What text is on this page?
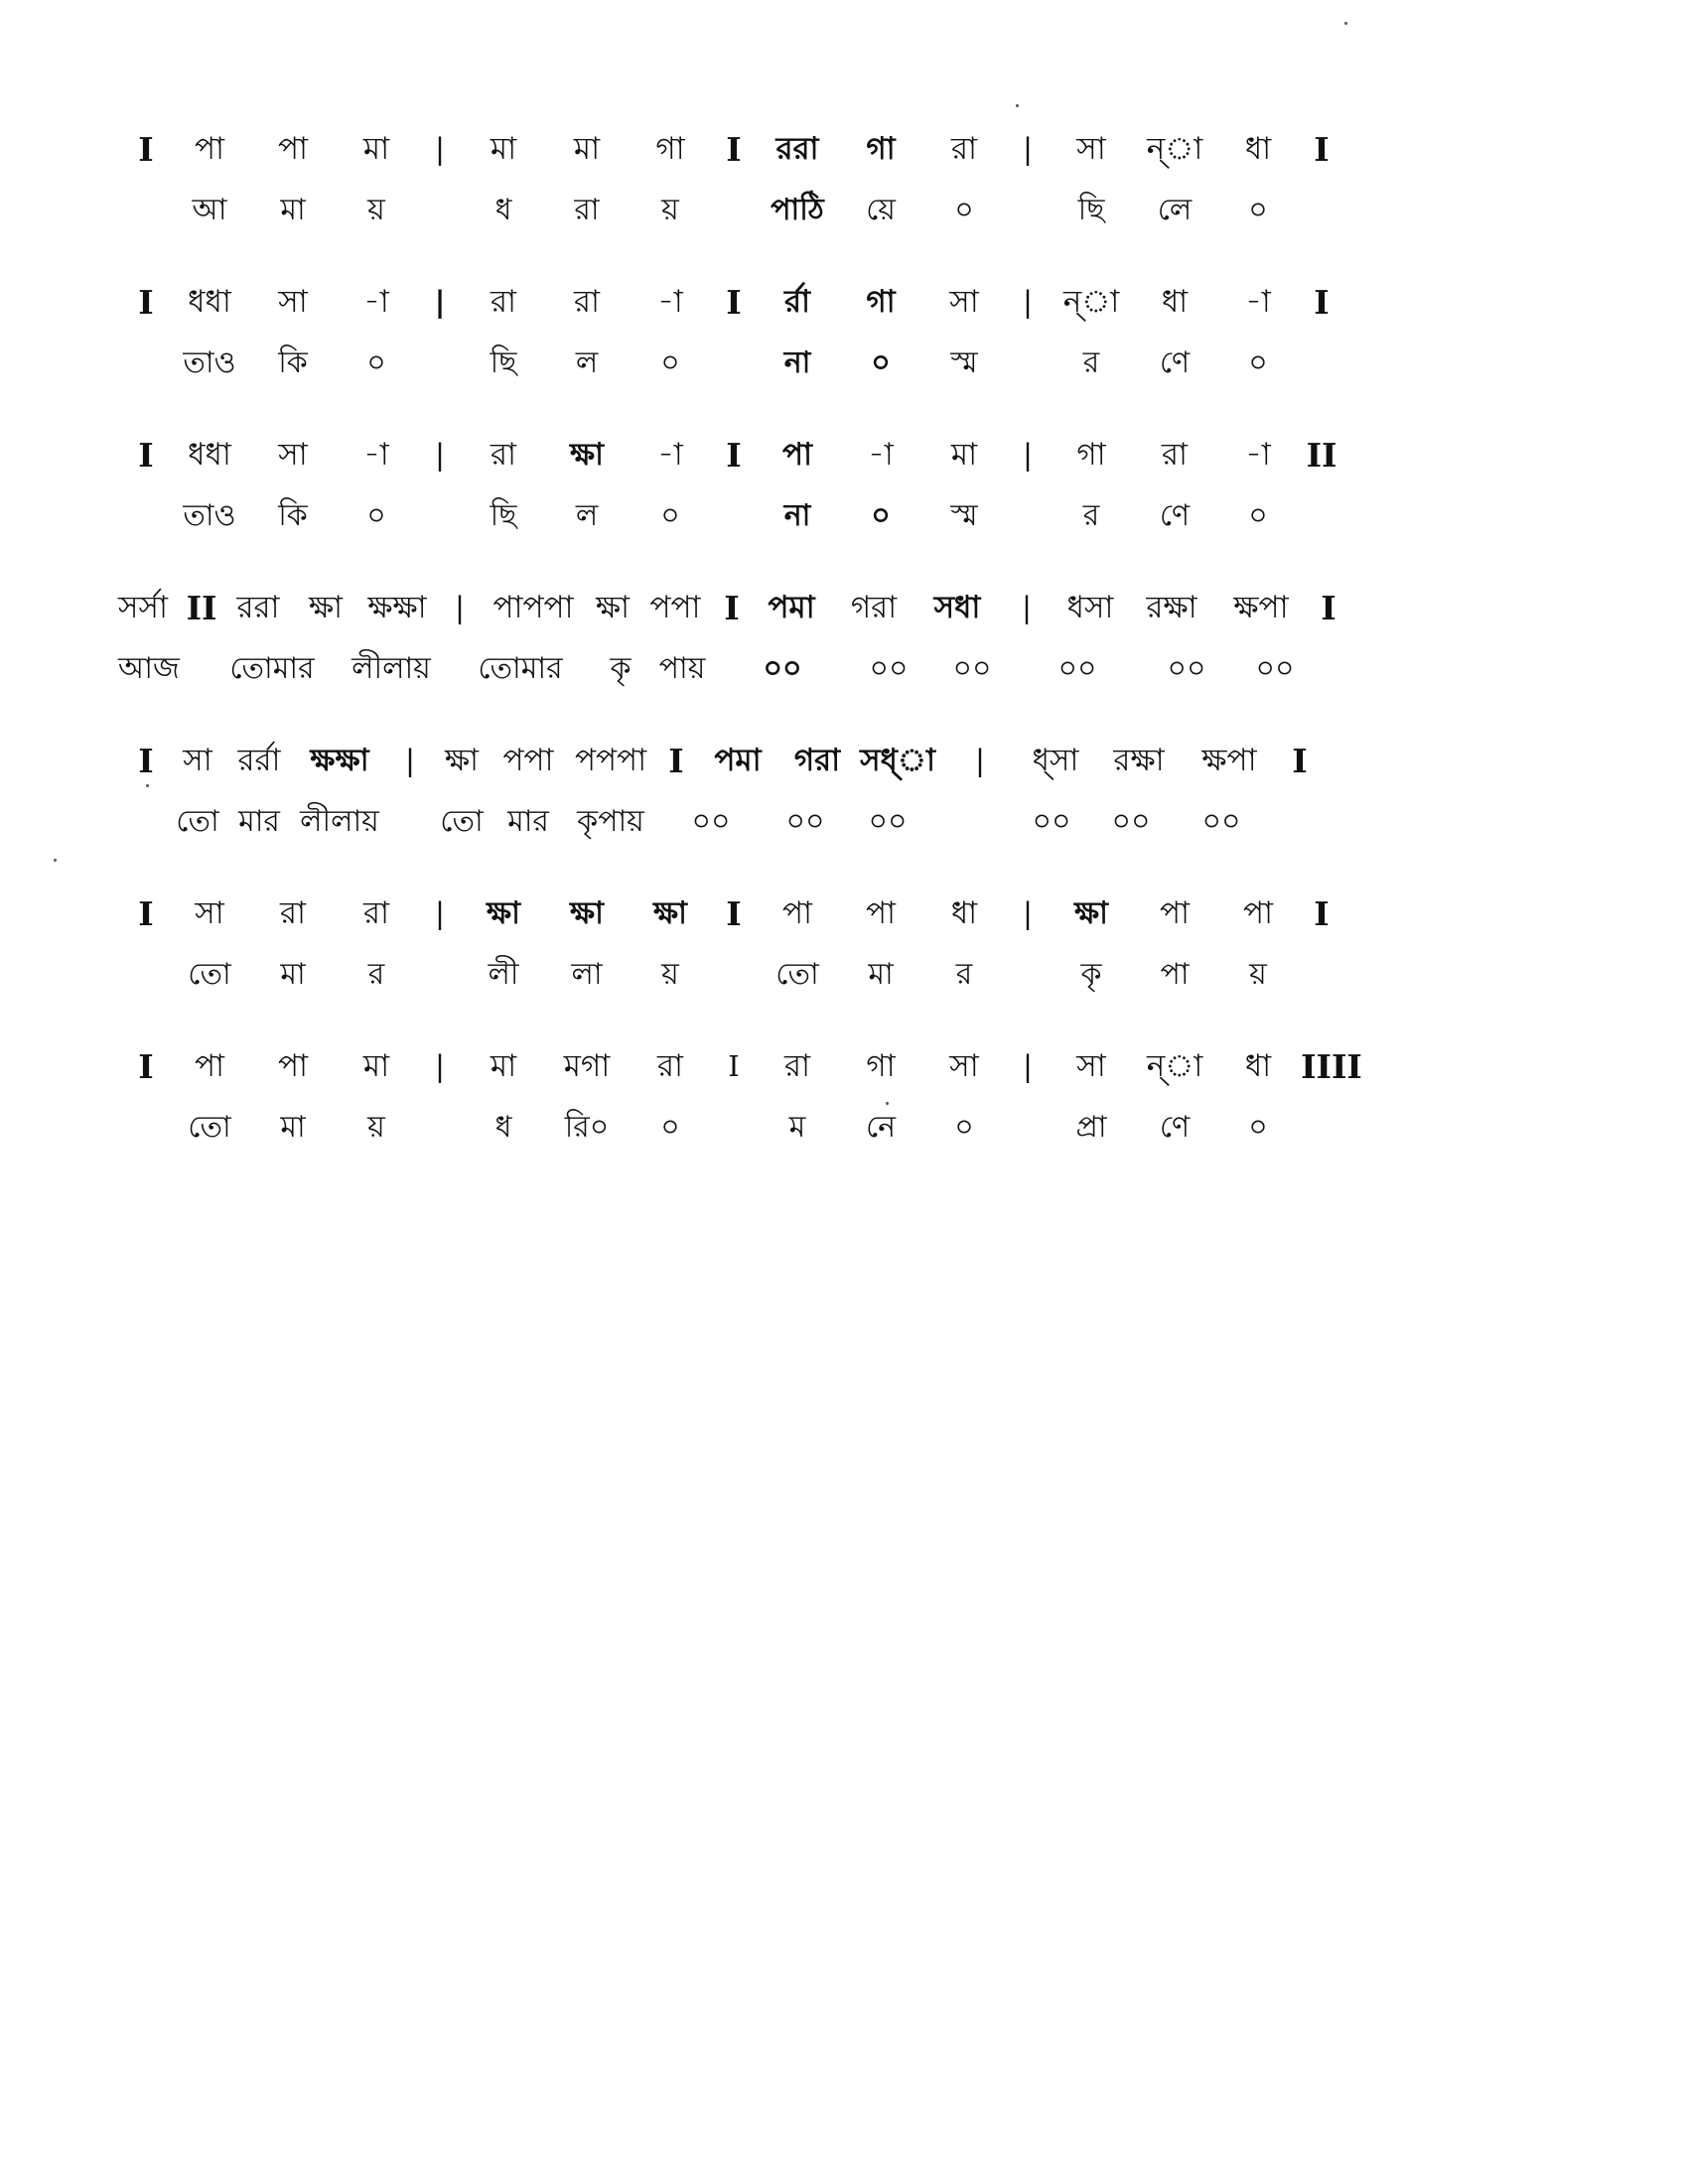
I	পা	পা	মা	|	মা	মা	গা	I	ররা	গা	রা	|	সা	ন্‌া	ধা	I
আ	মা	য়	ধ	রা	য়	পাঠি	য়ে	০	ছি	লে	০
I	ধধা	সা	-া	|	রা	রা	-া	I	র্রা	গা	সা	| ন্‌া	ধা	-া	I
তাও	কি	০	ছি	ল	০	না	০	স্ম	র	ণে	০
I	ধধা	সা	-া	|	রা	ক্ষা	-া	I	পা	-া	মা	|	গা	রা	-া	II
তাও	কি	০	ছি	ল	০	না	০	স্ম	র	ণে	০
সর্সা II ররা ক্ষা ক্ষক্ষা | পাপপা ক্ষা পপা I পমা	গরা	সধা	|	ধসা	রক্ষা	ক্ষপা I
আজ	তোমার	লীলায়	তোমার	কৃ পায়	০০	০০	০০	০০	০০	০০
I সা রর্রা ক্ষক্ষা	| ক্ষা পপা পপপা I পমা	গরা সধ্‌া	|	ধ্‌সা	রক্ষা	ক্ষপা	I
তো মার লীলায়	তো মার কৃপায়	০০	০০	০০	০০	০০	০০
I	সা	রা	রা	|	ক্ষা	ক্ষা	ক্ষা	I	পা	পা	ধা	|	ক্ষা	পা	পা	I
তো	মা	র	লী	লা	য়	তো	মা	র	কৃ	পা	য়
I	পা	পা	মা	|	মা	মগা	রা	I	রা	গা	সা	|	সা	ন্‌া	ধা IIII
তো	মা	য়	ধ	রি০	০	ম	নে	০	প্রা	ণে	০
